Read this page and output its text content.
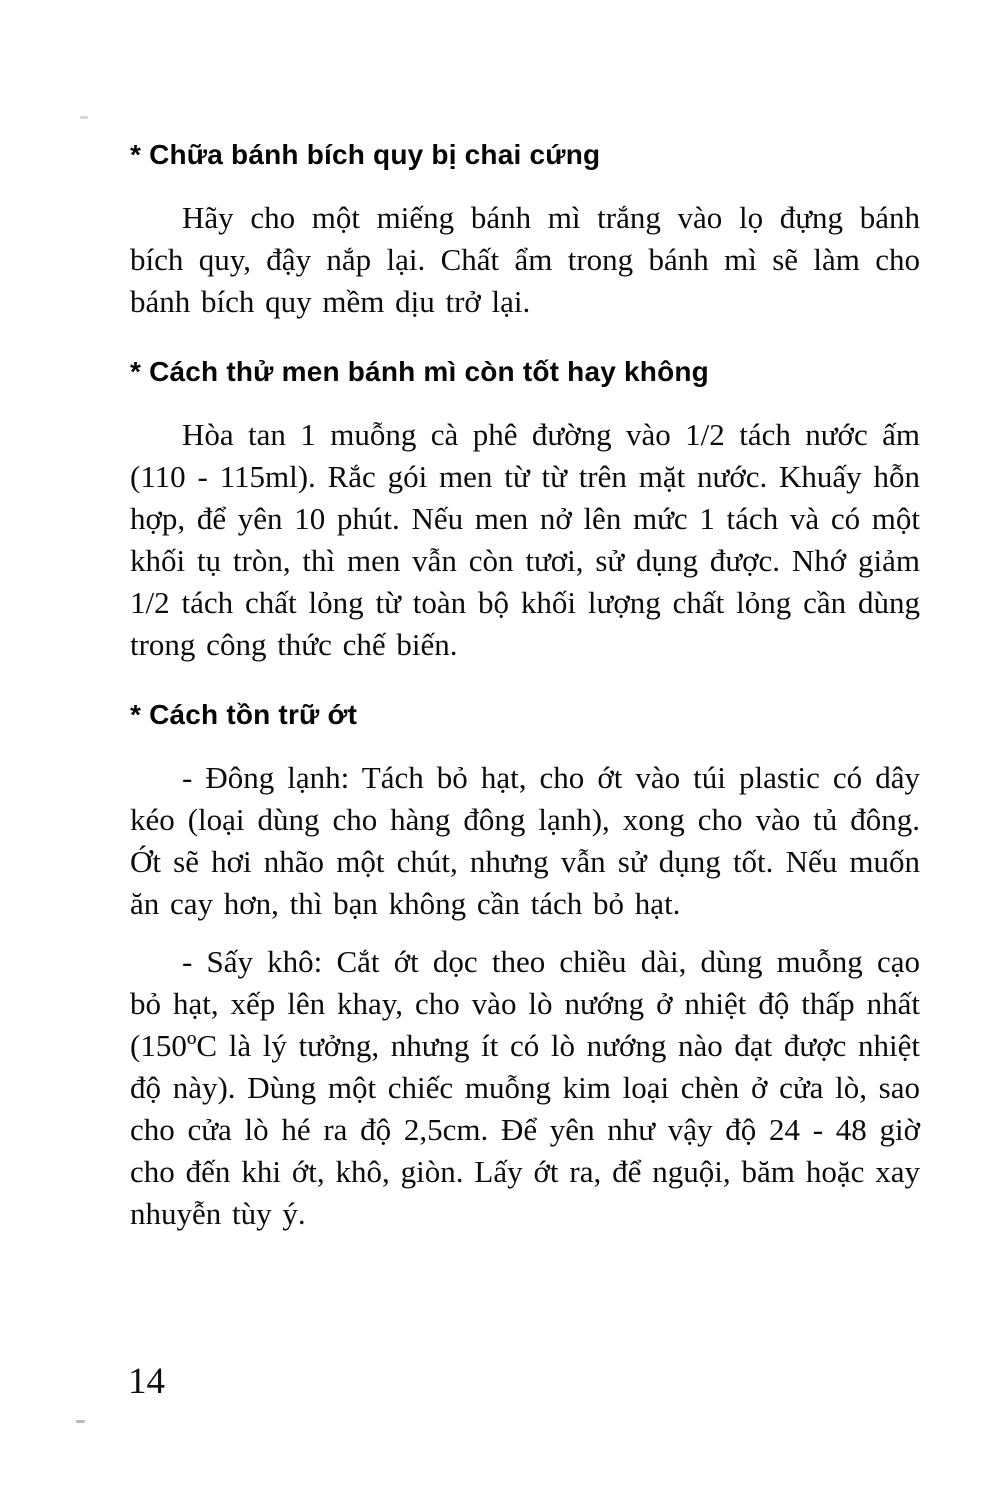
* Chữa bánh bích quy bị chai cứng

Hãy cho một miếng bánh mì trắng vào lọ đựng bánh bích quy, đậy nắp lại. Chất ẩm trong bánh mì sẽ làm cho bánh bích quy mềm dịu trở lại.

* Cách thử men bánh mì còn tốt hay không

Hòa tan 1 muỗng cà phê đường vào 1/2 tách nước ấm (110 - 115ml). Rắc gói men từ từ trên mặt nước. Khuấy hỗn hợp, để yên 10 phút. Nếu men nở lên mức 1 tách và có một khối tụ tròn, thì men vẫn còn tươi, sử dụng được. Nhớ giảm 1/2 tách chất lỏng từ toàn bộ khối lượng chất lỏng cần dùng trong công thức chế biến.

* Cách tồn trữ ớt

- Đông lạnh: Tách bỏ hạt, cho ớt vào túi plastic có dây kéo (loại dùng cho hàng đông lạnh), xong cho vào tủ đông. Ớt sẽ hơi nhão một chút, nhưng vẫn sử dụng tốt. Nếu muốn ăn cay hơn, thì bạn không cần tách bỏ hạt.

- Sấy khô: Cắt ớt dọc theo chiều dài, dùng muỗng cạo bỏ hạt, xếp lên khay, cho vào lò nướng ở nhiệt độ thấp nhất (150ºC là lý tưởng, nhưng ít có lò nướng nào đạt được nhiệt độ này). Dùng một chiếc muỗng kim loại chèn ở cửa lò, sao cho cửa lò hé ra độ 2,5cm. Để yên như vậy độ 24 - 48 giờ cho đến khi ớt, khô, giòn. Lấy ớt ra, để nguội, băm hoặc xay nhuyễn tùy ý.

14
